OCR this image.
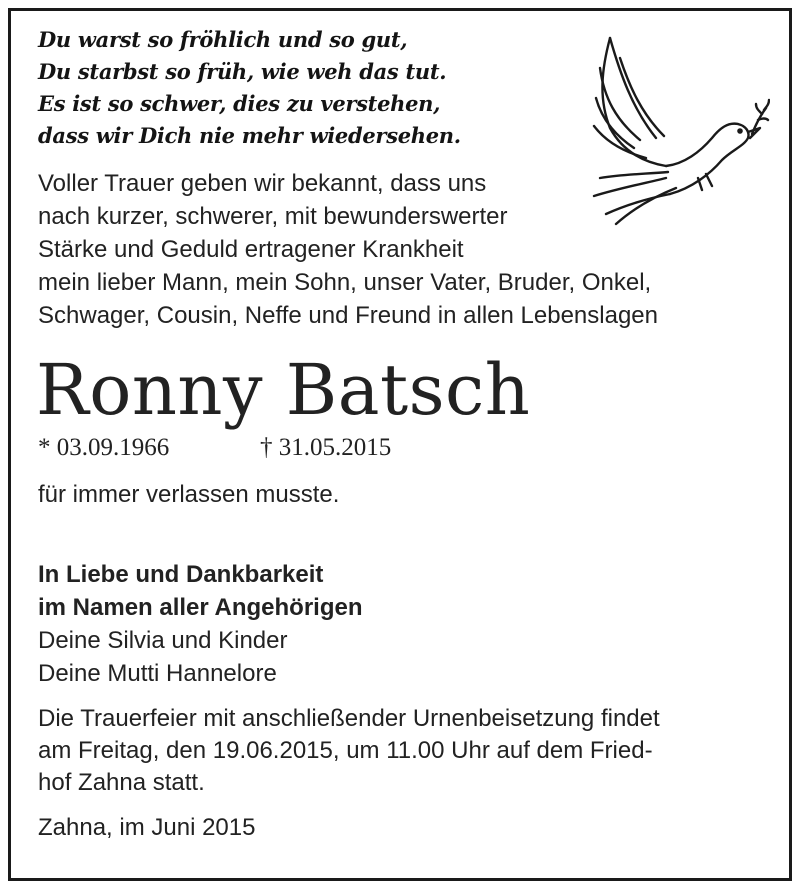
Du warst so fröhlich und so gut,
Du starbst so früh, wie weh das tut.
Es ist so schwer, dies zu verstehen,
dass wir Dich nie mehr wiedersehen.
Voller Trauer geben wir bekannt, dass uns
nach kurzer, schwerer, mit bewunderswerter
Stärke und Geduld ertragener Krankheit
mein lieber Mann, mein Sohn, unser Vater, Bruder, Onkel,
Schwager, Cousin, Neffe und Freund in allen Lebenslagen
Ronny Batsch
* 03.09.1966	† 31.05.2015
für immer verlassen musste.
In Liebe und Dankbarkeit
im Namen aller Angehörigen
Deine Silvia und Kinder
Deine Mutti Hannelore
Die Trauerfeier mit anschließender Urnenbeisetzung findet
am Freitag, den 19.06.2015, um 11.00 Uhr auf dem Fried-
hof Zahna statt.
Zahna, im Juni 2015
